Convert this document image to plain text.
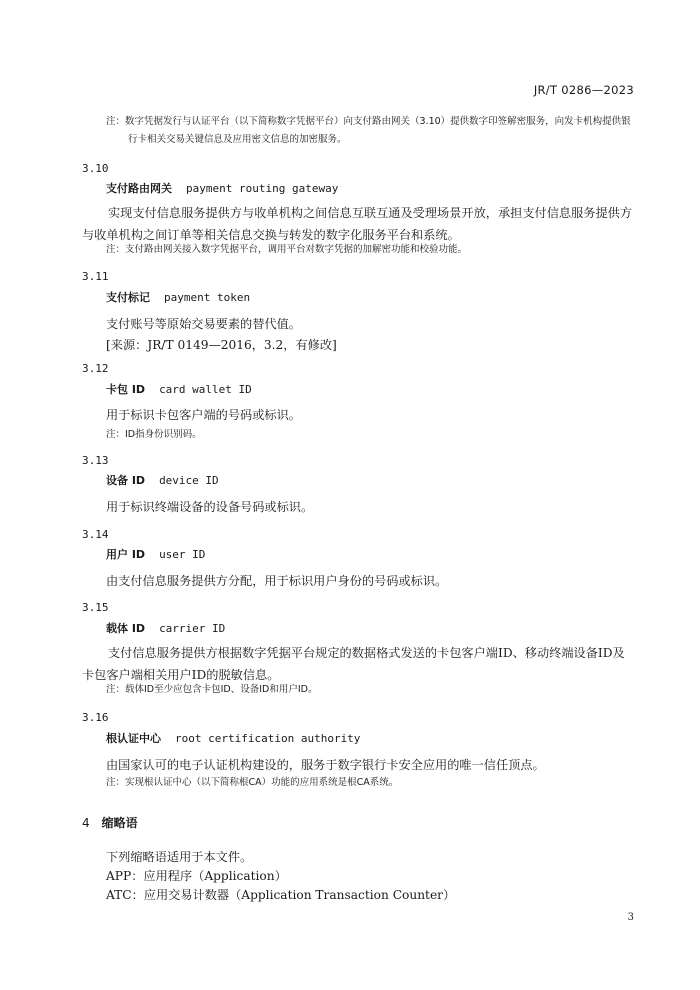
JR/T 0286—2023
注：数字凭据发行与认证平台（以下简称数字凭据平台）向支付路由网关（3.10）提供数字印签解密服务，向发卡机构提供银行卡相关交易关键信息及应用密文信息的加密服务。
3.10
支付路由网关 payment routing gateway
实现支付信息服务提供方与收单机构之间信息互联互通及受理场景开放，承担支付信息服务提供方与收单机构之间订单等相关信息交换与转发的数字化服务平台和系统。
注：支付路由网关接入数字凭据平台，调用平台对数字凭据的加解密功能和校验功能。
3.11
支付标记 payment token
支付账号等原始交易要素的替代值。
[来源：JR/T 0149—2016，3.2，有修改]
3.12
卡包 ID card wallet ID
用于标识卡包客户端的号码或标识。
注：ID指身份识别码。
3.13
设备 ID device ID
用于标识终端设备的设备号码或标识。
3.14
用户 ID user ID
由支付信息服务提供方分配，用于标识用户身份的号码或标识。
3.15
载体 ID carrier ID
支付信息服务提供方根据数字凭据平台规定的数据格式发送的卡包客户端ID、移动终端设备ID及卡包客户端相关用户ID的脱敏信息。
注：载体ID至少应包含卡包ID、设备ID和用户ID。
3.16
根认证中心 root certification authority
由国家认可的电子认证机构建设的，服务于数字银行卡安全应用的唯一信任顶点。
注：实现根认证中心（以下简称根CA）功能的应用系统是根CA系统。
4 缩略语
下列缩略语适用于本文件。
APP：应用程序（Application）
ATC：应用交易计数器（Application Transaction Counter）
3
